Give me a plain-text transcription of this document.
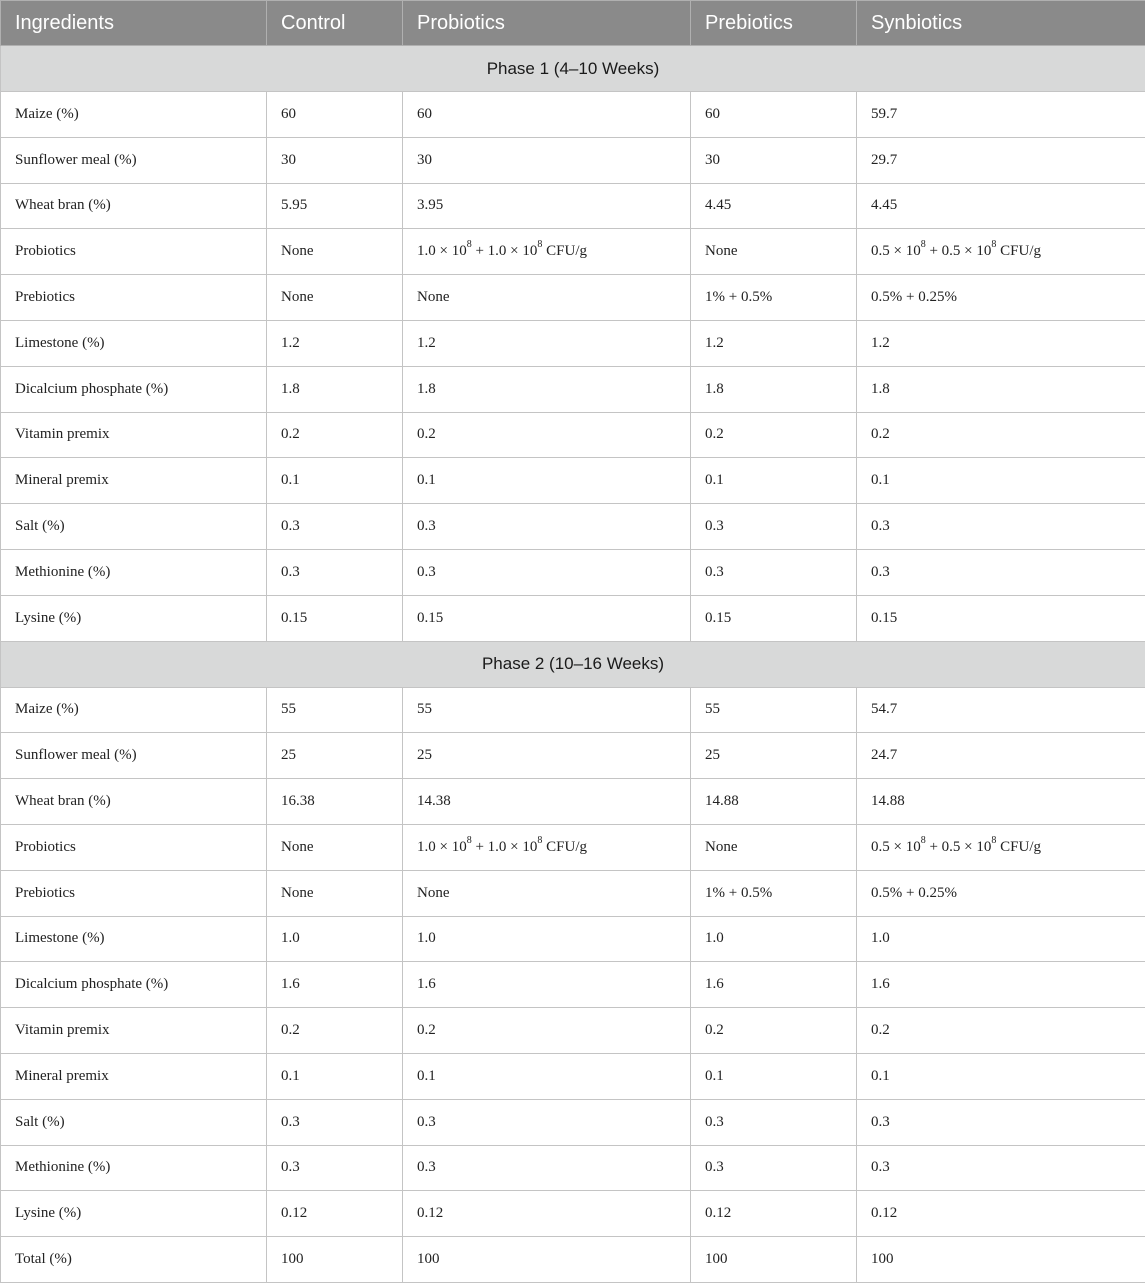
Ingredients	Control	Probiotics	Prebiotics	Synbiotics
Phase 1 (4–10 Weeks)				
Maize (%)	60	60	60	59.7
Sunflower meal (%)	30	30	30	29.7
Wheat bran (%)	5.95	3.95	4.45	4.45
Probiotics	None	$1.0 \times 10^8 + 1.0 \times 10^8$ CFU/g	None	$0.5 \times 10^8 + 0.5 \times 10^8$ CFU/g
Prebiotics	None	None	1% + 0.5%	0.5% + 0.25%
Limestone (%)	1.2	1.2	1.2	1.2
Dicalcium phosphate (%)	1.8	1.8	1.8	1.8
Vitamin premix	0.2	0.2	0.2	0.2
Mineral premix	0.1	0.1	0.1	0.1
Salt (%)	0.3	0.3	0.3	0.3
Methionine (%)	0.3	0.3	0.3	0.3
Lysine (%)	0.15	0.15	0.15	0.15
Phase 2 (10–16 Weeks)				
Maize (%)	55	55	55	54.7
Sunflower meal (%)	25	25	25	24.7
Wheat bran (%)	16.38	14.38	14.88	14.88
Probiotics	None	$1.0 \times 10^8 + 1.0 \times 10^8$ CFU/g	None	$0.5 \times 10^8 + 0.5 \times 10^8$ CFU/g
Prebiotics	None	None	1% + 0.5%	0.5% + 0.25%
Limestone (%)	1.0	1.0	1.0	1.0
Dicalcium phosphate (%)	1.6	1.6	1.6	1.6
Vitamin premix	0.2	0.2	0.2	0.2
Mineral premix	0.1	0.1	0.1	0.1
Salt (%)	0.3	0.3	0.3	0.3
Methionine (%)	0.3	0.3	0.3	0.3
Lysine (%)	0.12	0.12	0.12	0.12
Total (%)	100	100	100	100
